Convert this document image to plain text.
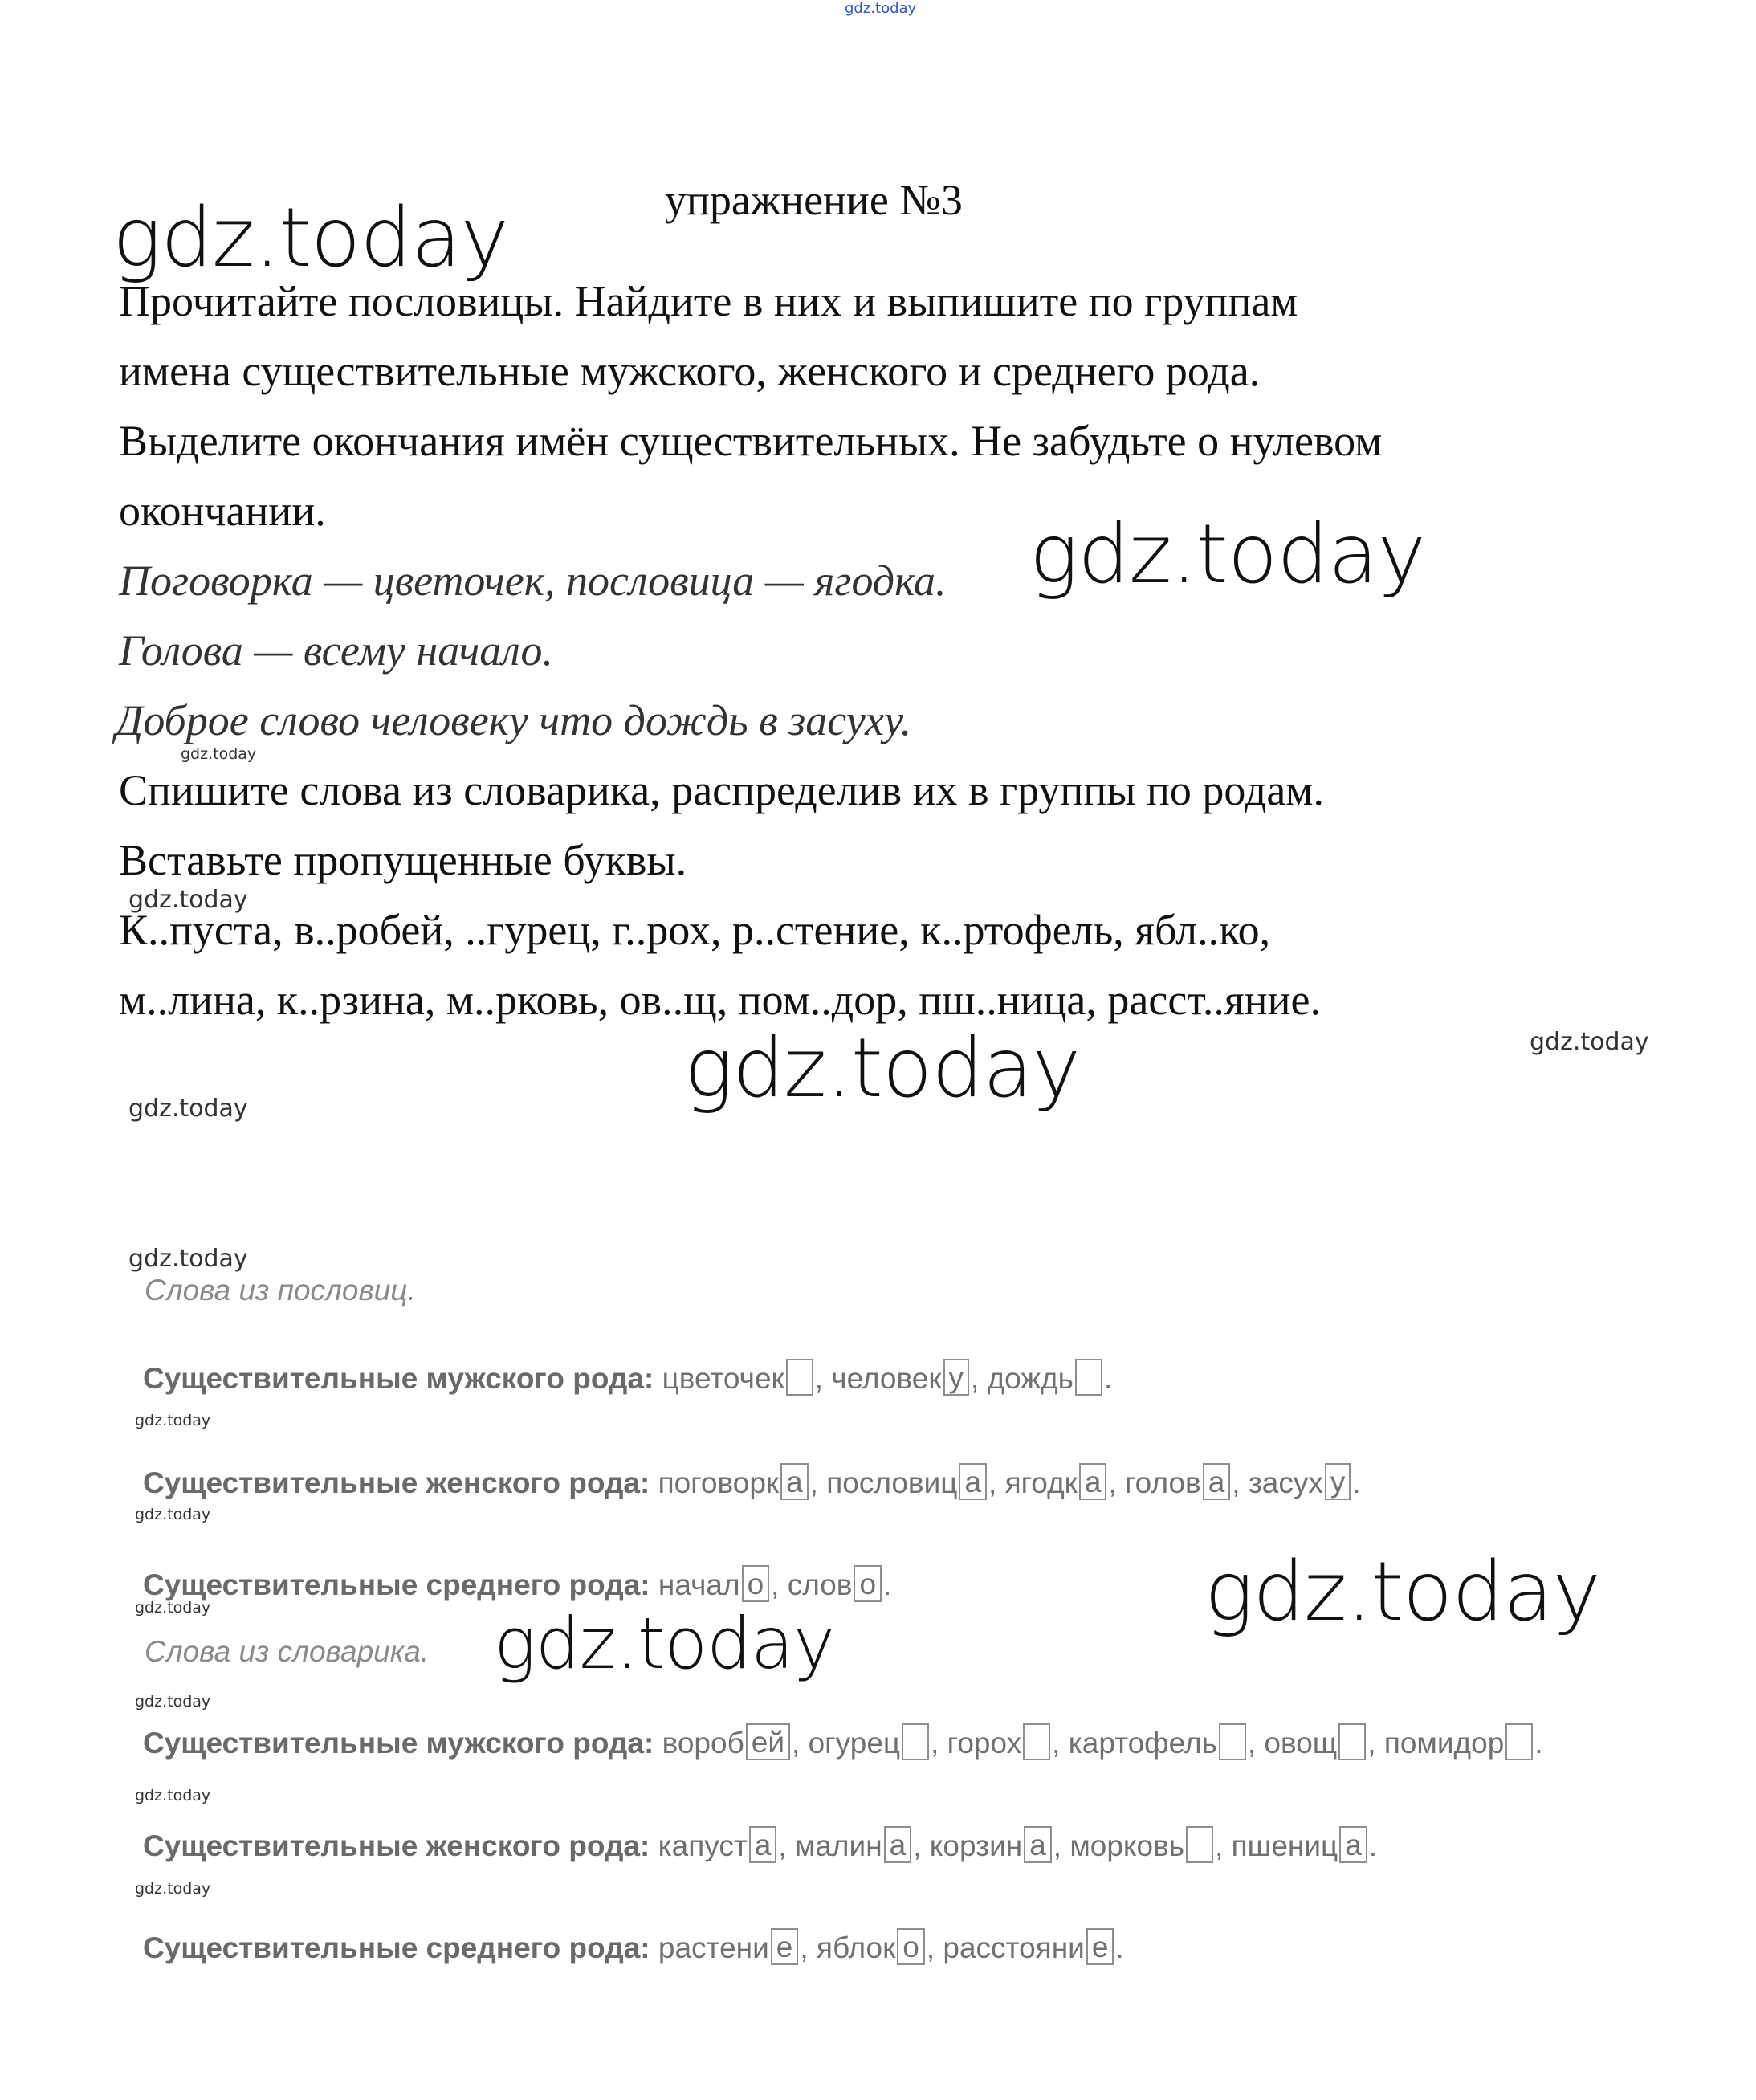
gdz.today
упражнение №3
gdz.today
Прочитайте пословицы. Найдите в них и выпишите по группам
имена существительные мужского, женского и среднего рода.
Выделите окончания имён существительных. Не забудьте о нулевом
окончании.
Поговорка — цветочек, пословица — ягодка. gdz.today
Голова — всему начало.
Доброе слово человеку что дождь в засуху.
gdz.today
Спишите слова из словарика, распределив их в группы по родам.
Вставьте пропущенные буквы.
gdz.today
К..пуста, в..робей, ..гурец, г..рох, р..стение, к..ртофель, ябл..ко,
м..лина, к..рзина, м..рковь, ов..щ, пом..дор, пш..ница, расст..яние.
gdz.today
gdz.today
gdz.today
gdz.today
Слова из пословиц.
Существительные мужского рода: цветочек , человек у , дождь .
gdz.today
Существительные женского рода: поговорк а , пословиц а , ягодк а , голов а , засух у .
gdz.today
Существительные среднего рода: начал о , слов о .
gdz.today	gdz.today
Слова из словарика. gdz.today
gdz.today
Существительные мужского рода: вороб ей , огурец , горох , картофель , овощ , помидор .
gdz.today
Существительные женского рода: капуст а , малин а , корзин а , морковь , пшениц а .
gdz.today
Существительные среднего рода: растени е , яблок о , расстояни е .
